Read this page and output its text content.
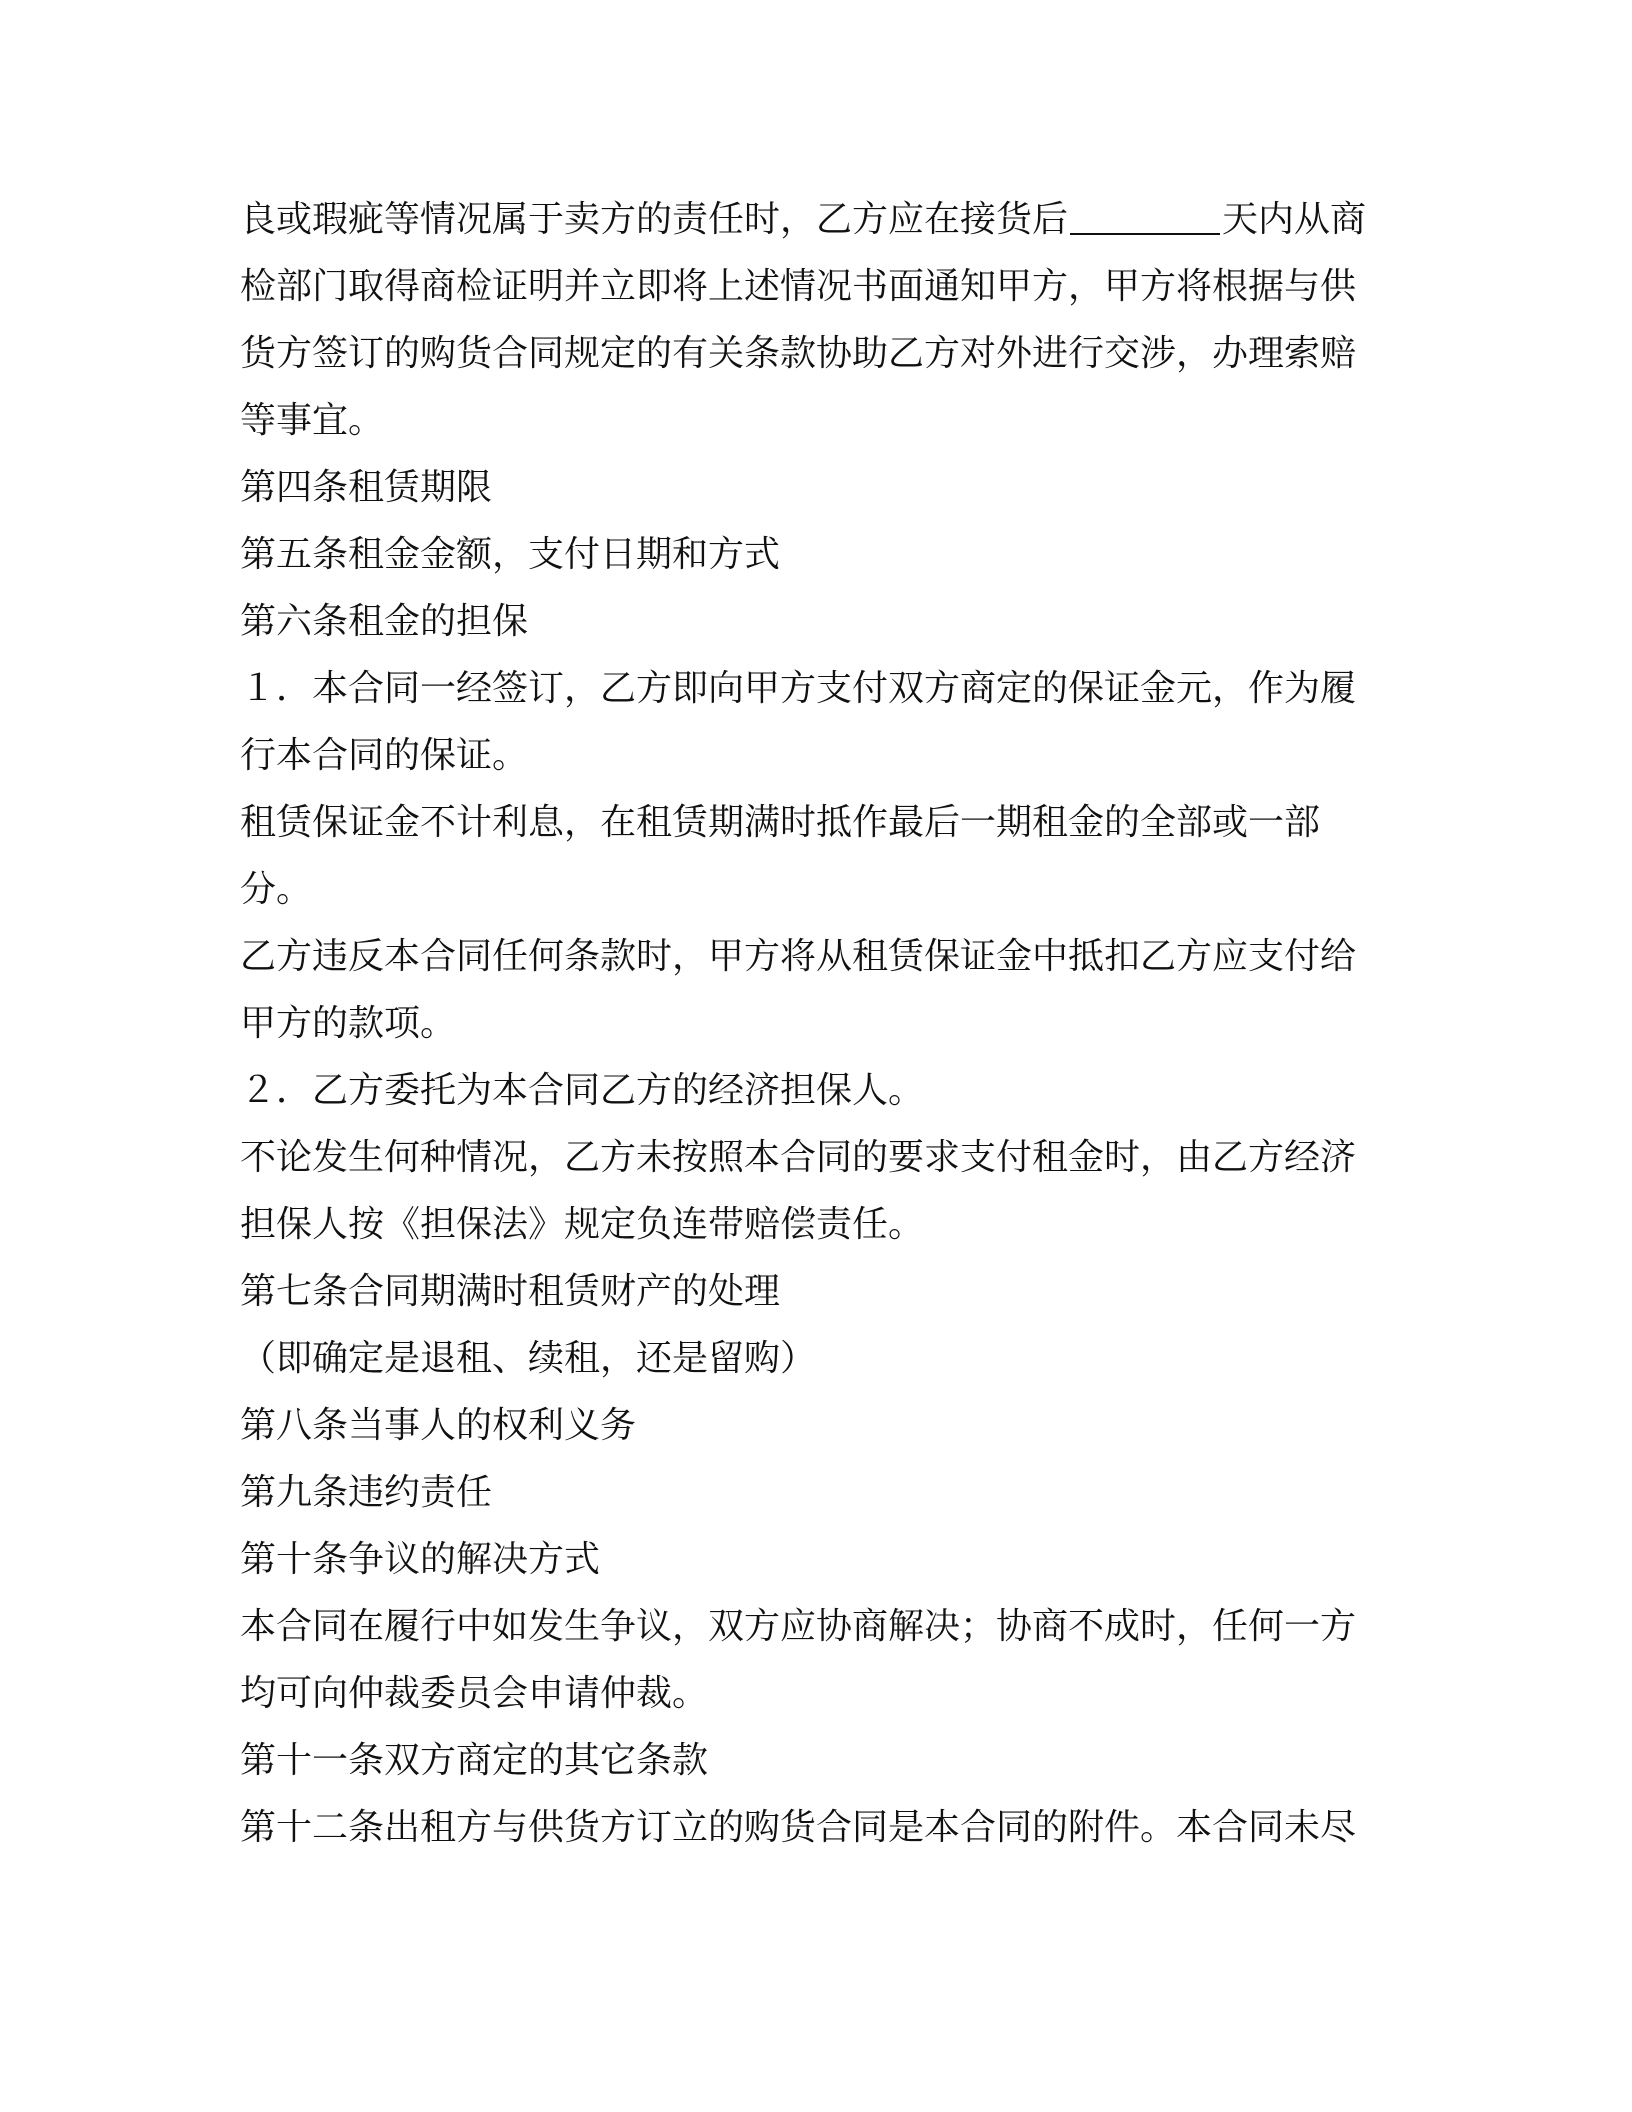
良或瑕疵等情况属于卖方的责任时，乙方应在接货后	天内从商
检部门取得商检证明并立即将上述情况书面通知甲方，甲方将根据与供
货方签订的购货合同规定的有关条款协助乙方对外进行交涉，办理索赔
等事宜。
第四条租赁期限
第五条租金金额，支付日期和方式
第六条租金的担保
１．本合同一经签订，乙方即向甲方支付双方商定的保证金元，作为履
行本合同的保证。
租赁保证金不计利息，在租赁期满时抵作最后一期租金的全部或一部
分。
乙方违反本合同任何条款时，甲方将从租赁保证金中抵扣乙方应支付给
甲方的款项。
２．乙方委托为本合同乙方的经济担保人。
不论发生何种情况，乙方未按照本合同的要求支付租金时，由乙方经济
担保人按《担保法》规定负连带赔偿责任。
第七条合同期满时租赁财产的处理
（即确定是退租、续租，还是留购）
第八条当事人的权利义务
第九条违约责任
第十条争议的解决方式
本合同在履行中如发生争议，双方应协商解决；协商不成时，任何一方
均可向仲裁委员会申请仲裁。
第十一条双方商定的其它条款
第十二条出租方与供货方订立的购货合同是本合同的附件。本合同未尽
